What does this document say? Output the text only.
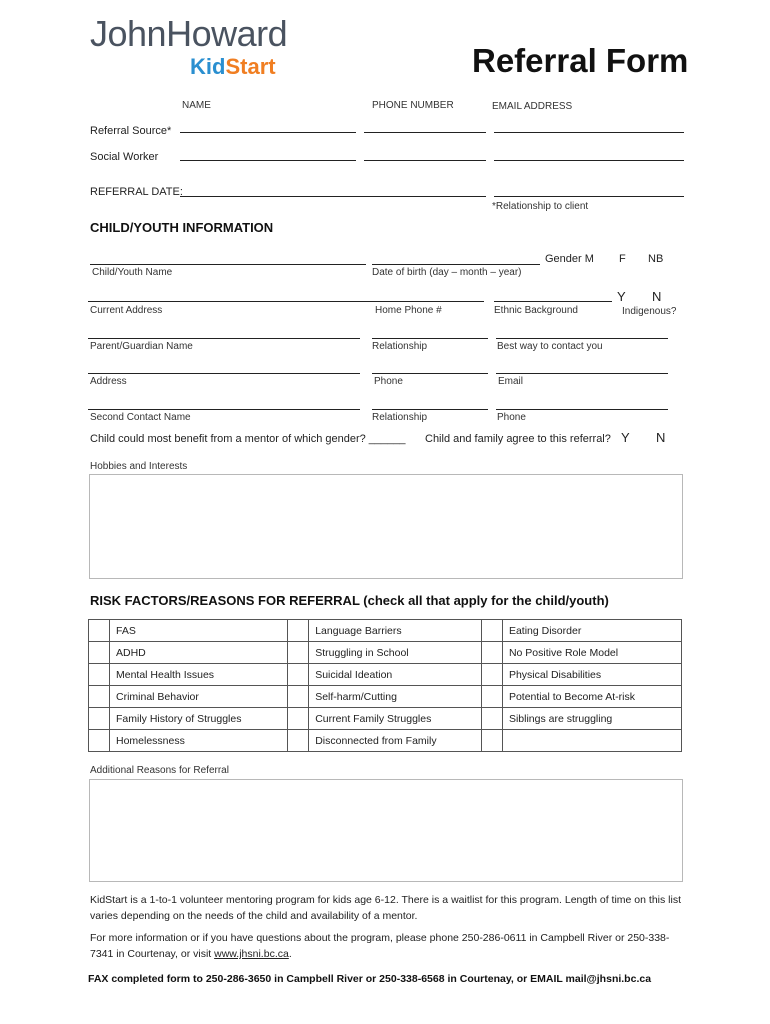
JohnHoward
KidStart	Referral Form
NAME	PHONE NUMBER	EMAIL ADDRESS
Referral Source*
Social Worker
REFERRAL DATE:
*Relationship to client
CHILD/YOUTH INFORMATION
Gender M F NB
Child/Youth Name	Date of birth (day – month – year)
Y N
Current Address	Home Phone #	Ethnic Background	Indigenous?
Parent/Guardian Name	Relationship	Best way to contact you
Address	Phone	Email
Second Contact Name	Relationship	Phone
Child could most benefit from a mentor of which gender? ______ Child and family agree to this referral? Y N
Hobbies and Interests
RISK FACTORS/REASONS FOR REFERRAL (check all that apply for the child/youth)
	FAS		Language Barriers		Eating Disorder
	ADHD		Struggling in School		No Positive Role Model
	Mental Health Issues		Suicidal Ideation		Physical Disabilities
	Criminal Behavior		Self-harm/Cutting		Potential to Become At-risk
	Family History of Struggles		Current Family Struggles		Siblings are struggling
	Homelessness		Disconnected from Family		
Additional Reasons for Referral
KidStart is a 1-to-1 volunteer mentoring program for kids age 6-12. There is a waitlist for this program. Length of time on this list varies depending on the needs of the child and availability of a mentor.
For more information or if you have questions about the program, please phone 250-286-0611 in Campbell River or 250-338-7341 in Courtenay, or visit www.jhsni.bc.ca.
FAX completed form to 250-286-3650 in Campbell River or 250-338-6568 in Courtenay, or EMAIL mail@jhsni.bc.ca
